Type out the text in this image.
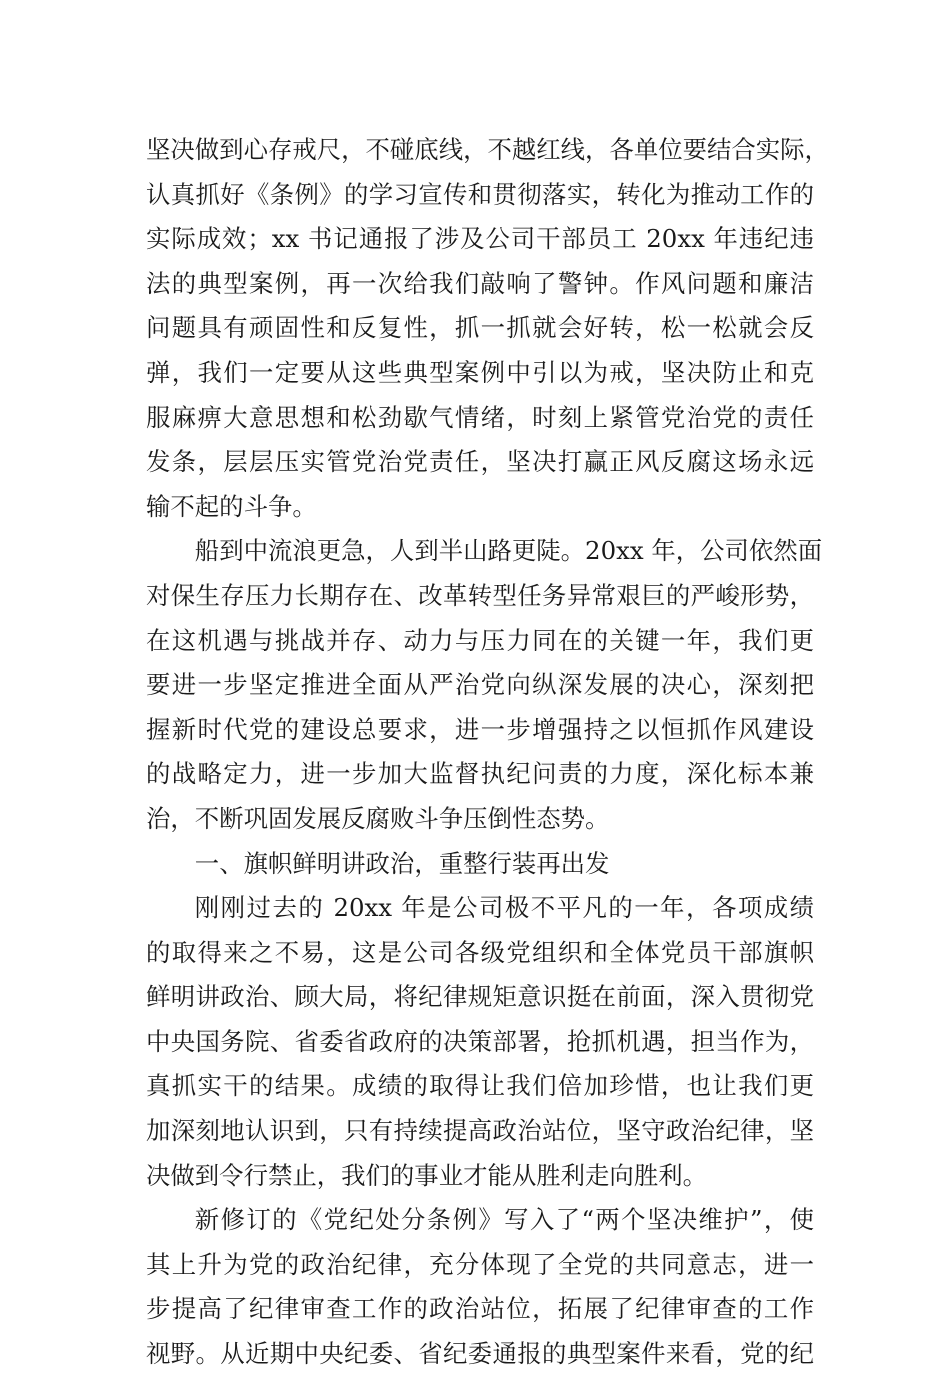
坚决做到心存戒尺，不碰底线，不越红线，各单位要结合实际，
认真抓好《条例》的学习宣传和贯彻落实，转化为推动工作的
实际成效；xx 书记通报了涉及公司干部员工 20xx 年违纪违
法的典型案例，再一次给我们敲响了警钟。作风问题和廉洁
问题具有顽固性和反复性，抓一抓就会好转，松一松就会反
弹，我们一定要从这些典型案例中引以为戒，坚决防止和克
服麻痹大意思想和松劲歇气情绪，时刻上紧管党治党的责任
发条，层层压实管党治党责任，坚决打赢正风反腐这场永远
输不起的斗争。

船到中流浪更急，人到半山路更陡。20xx 年，公司依然面
对保生存压力长期存在、改革转型任务异常艰巨的严峻形势，
在这机遇与挑战并存、动力与压力同在的关键一年，我们更
要进一步坚定推进全面从严治党向纵深发展的决心，深刻把
握新时代党的建设总要求，进一步增强持之以恒抓作风建设
的战略定力，进一步加大监督执纪问责的力度，深化标本兼
治，不断巩固发展反腐败斗争压倒性态势。

一、旗帜鲜明讲政治，重整行装再出发

刚刚过去的 20xx 年是公司极不平凡的一年，各项成绩
的取得来之不易，这是公司各级党组织和全体党员干部旗帜
鲜明讲政治、顾大局，将纪律规矩意识挺在前面，深入贯彻党
中央国务院、省委省政府的决策部署，抢抓机遇，担当作为，
真抓实干的结果。成绩的取得让我们倍加珍惜，也让我们更
加深刻地认识到，只有持续提高政治站位，坚守政治纪律，坚
决做到令行禁止，我们的事业才能从胜利走向胜利。

新修订的《党纪处分条例》写入了“两个坚决维护”，使
其上升为党的政治纪律，充分体现了全党的共同意志，进一
步提高了纪律审查工作的政治站位，拓展了纪律审查的工作
视野。从近期中央纪委、省纪委通报的典型案件来看，党的纪
